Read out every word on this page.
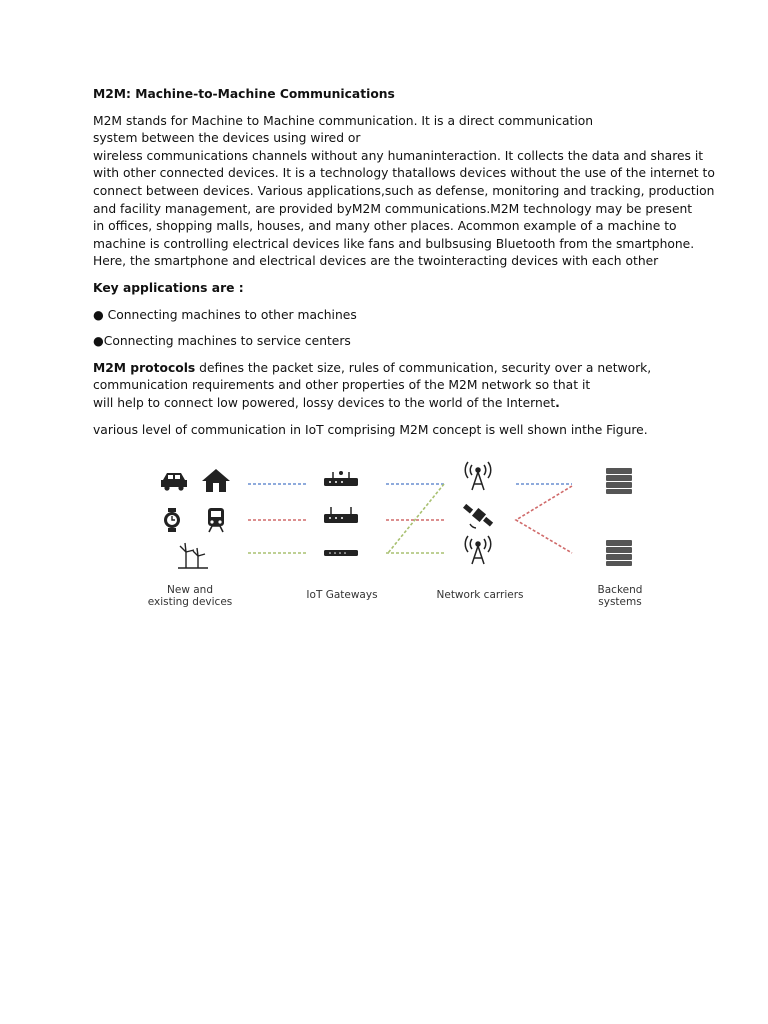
M2M: Machine-to-Machine Communications

M2M stands for Machine to Machine communication. It is a direct communication
system between the devices using wired or
wireless communications channels without any humaninteraction. It collects the data and shares it
with other connected devices. It is a technology thatallows devices without the use of the internet to
connect between devices. Various applications,such as defense, monitoring and tracking, production
and facility management, are provided byM2M communications.M2M technology may be present
in offices, shopping malls, houses, and many other places. Acommon example of a machine to
machine is controlling electrical devices like fans and bulbsusing Bluetooth from the smartphone.
Here, the smartphone and electrical devices are the twointeracting devices with each other

Key applications are :

● Connecting machines to other machines

●Connecting machines to service centers

M2M protocols defines the packet size, rules of communication, security over a network,
communication requirements and other properties of the M2M network so that it
will help to connect low powered, lossy devices to the world of the Internet.

various level of communication in IoT comprising M2M concept is well shown inthe Figure.

New and
existing devices
IoT Gateways	Network carriers	Backend
systems
